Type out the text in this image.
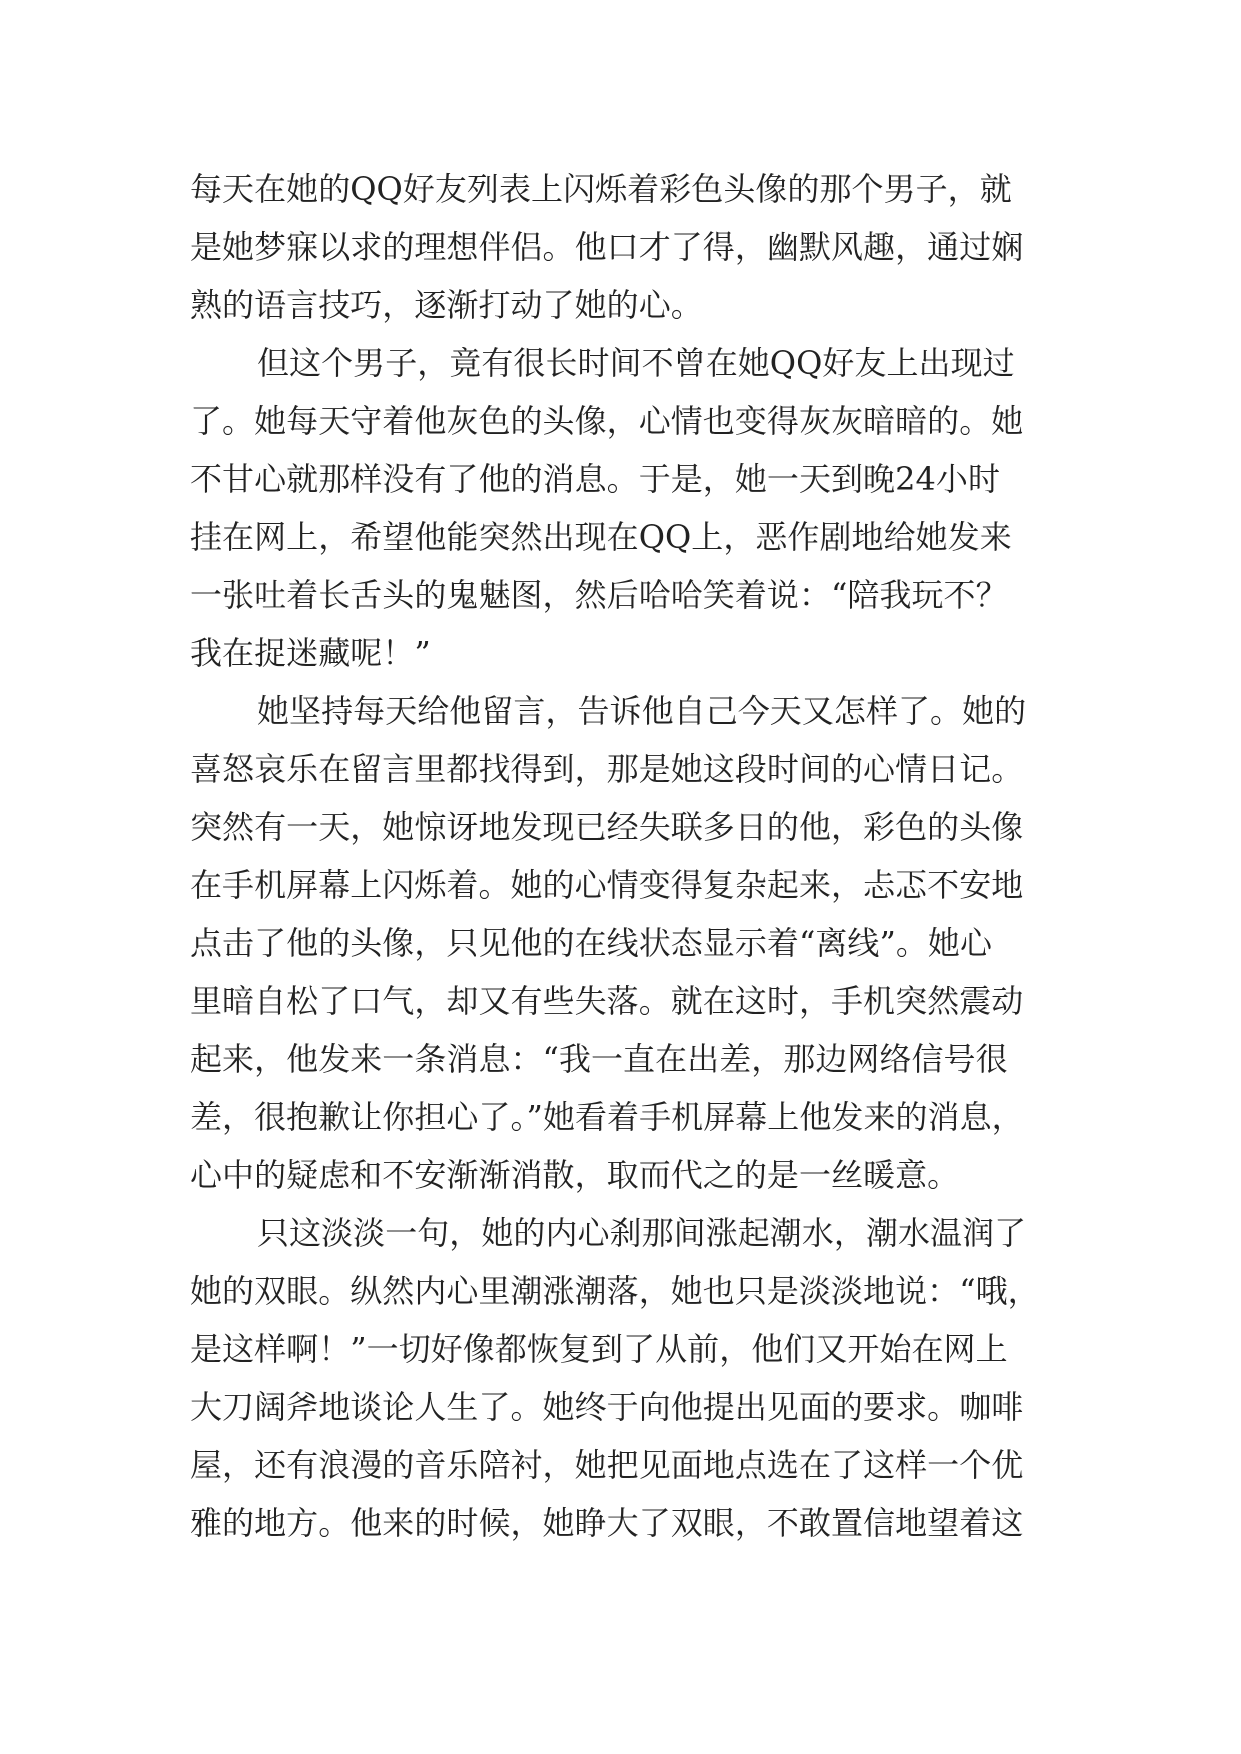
每天在她的QQ好友列表上闪烁着彩色头像的那个男子，就
是她梦寐以求的理想伴侣。他口才了得，幽默风趣，通过娴
熟的语言技巧，逐渐打动了她的心。
但这个男子，竟有很长时间不曾在她QQ好友上出现过
了。她每天守着他灰色的头像，心情也变得灰灰暗暗的。她
不甘心就那样没有了他的消息。于是，她一天到晚24小时
挂在网上，希望他能突然出现在QQ上，恶作剧地给她发来
一张吐着长舌头的鬼魅图，然后哈哈笑着说：“陪我玩不？
我在捉迷藏呢！”
她坚持每天给他留言，告诉他自己今天又怎样了。她的
喜怒哀乐在留言里都找得到，那是她这段时间的心情日记。
突然有一天，她惊讶地发现已经失联多日的他，彩色的头像
在手机屏幕上闪烁着。她的心情变得复杂起来，忐忑不安地
点击了他的头像，只见他的在线状态显示着“离线”。她心
里暗自松了口气，却又有些失落。就在这时，手机突然震动
起来，他发来一条消息：“我一直在出差，那边网络信号很
差，很抱歉让你担心了。”她看着手机屏幕上他发来的消息，
心中的疑虑和不安渐渐消散，取而代之的是一丝暖意。
只这淡淡一句，她的内心刹那间涨起潮水，潮水温润了
她的双眼。纵然内心里潮涨潮落，她也只是淡淡地说：“哦，
是这样啊！”一切好像都恢复到了从前，他们又开始在网上
大刀阔斧地谈论人生了。她终于向他提出见面的要求。咖啡
屋，还有浪漫的音乐陪衬，她把见面地点选在了这样一个优
雅的地方。他来的时候，她睁大了双眼，不敢置信地望着这
